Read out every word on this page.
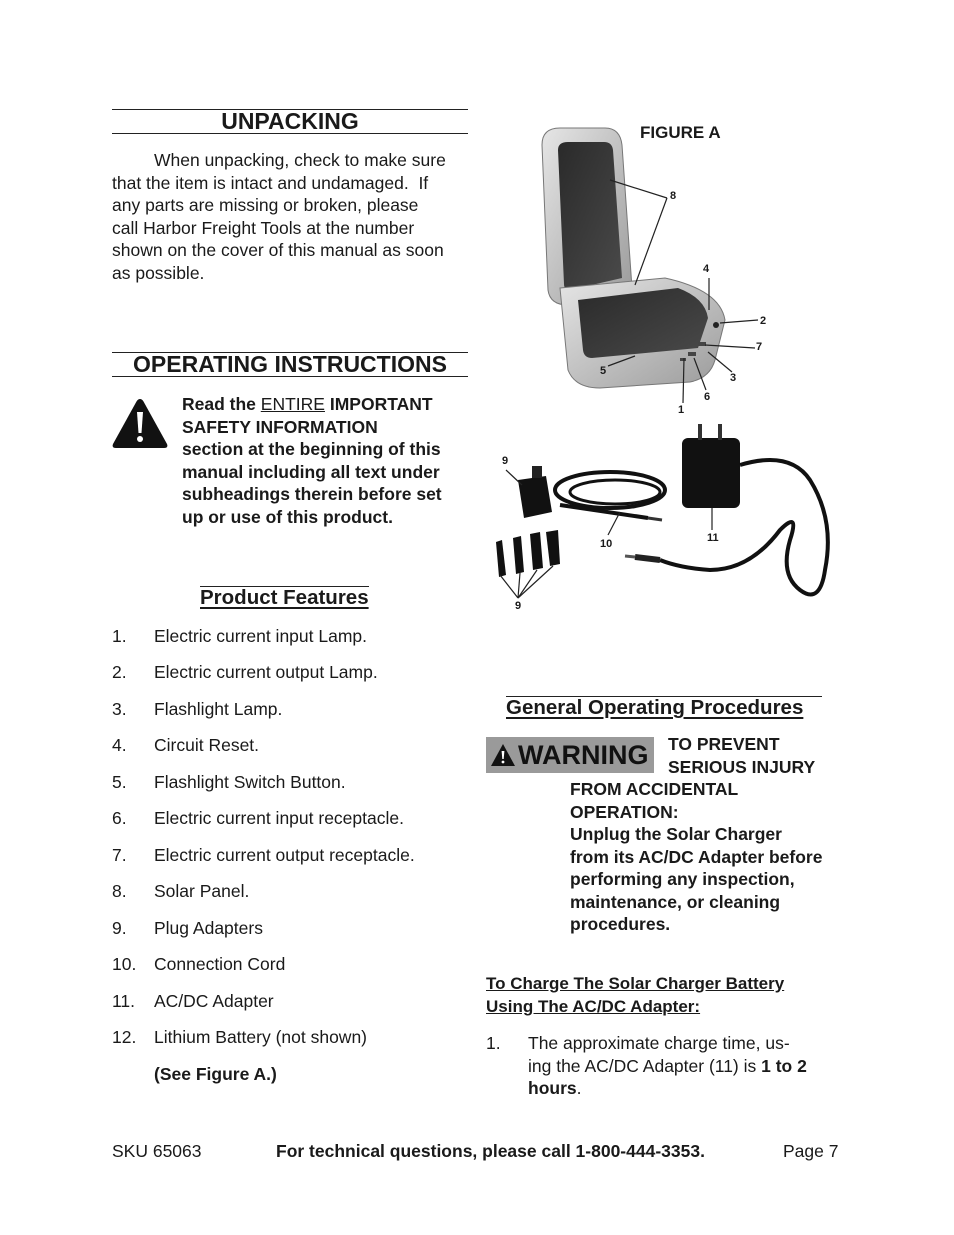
UNPACKING
When unpacking, check to make sure
that the item is intact and undamaged.  If
any parts are missing or broken, please
call Harbor Freight Tools at the number
shown on the cover of this manual as soon
as possible.
OPERATING INSTRUCTIONS
Read the ENTIRE IMPORTANT
SAFETY INFORMATION
section at the beginning of this
manual including all text under
subheadings therein before set
up or use of this product.
Product Features
1. Electric current input Lamp.
2. Electric current output Lamp.
3. Flashlight Lamp.
4. Circuit Reset.
5. Flashlight Switch Button.
6. Electric current input receptacle.
7. Electric current output receptacle.
8. Solar Panel.
9. Plug Adapters
10. Connection Cord
11. AC/DC Adapter
12. Lithium Battery (not shown)
(See Figure A.)
FIGURE A
8
4
2
7
3
6
5
1
9
10	11
9
General Operating Procedures
WARNING TO PREVENT
SERIOUS INJURY
FROM ACCIDENTAL
OPERATION:
Unplug the Solar Charger
from its AC/DC Adapter before
performing any inspection,
maintenance, or cleaning
procedures.
To Charge The Solar Charger Battery
Using The AC/DC Adapter:
1. The approximate charge time, us-
ing the AC/DC Adapter (11) is 1 to 2
hours.
SKU 65063	For technical questions, please call 1-800-444-3353.	Page 7
